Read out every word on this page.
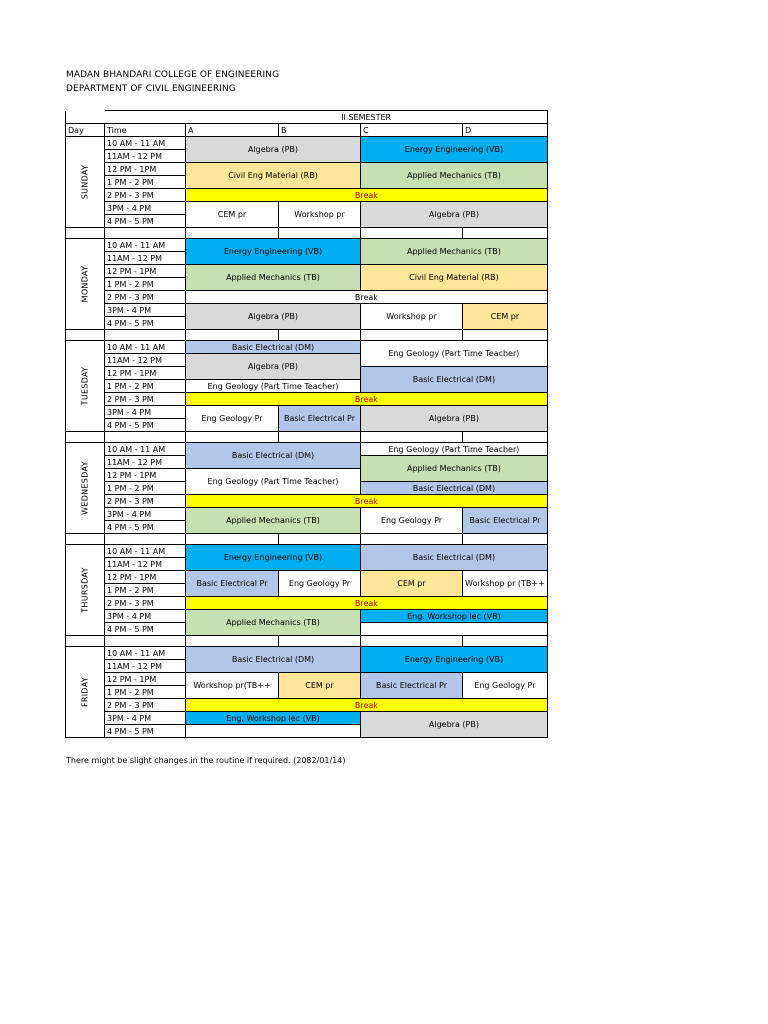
MADAN BHANDARI COLLEGE OF ENGINEERING
DEPARTMENT OF CIVIL ENGINEERING
		II SEMESTER			
Day	Time	A	B	C	D

SUNDAY	10 AM - 11 AM	Algebra (PB)		Energy Engineering (VB)	
	11AM - 12 PM				
	12 PM - 1PM	Civil Eng Material (RB)		Applied Mechanics (TB)	
	1 PM - 2 PM				
	2 PM - 3 PM	Break			
	3PM - 4 PM	CEM pr	Workshop pr	Algebra (PB)	
	4 PM - 5 PM				

MONDAY	10 AM - 11 AM	Energy Engineering (VB)		Applied Mechanics (TB)	
	11AM - 12 PM				
	12 PM - 1PM	Applied Mechanics (TB)		Civil Eng Material (RB)	
	1 PM - 2 PM				
	2 PM - 3 PM	Break			
	3PM - 4 PM	Algebra (PB)		Workshop pr	CEM pr
	4 PM - 5 PM				

TUESDAY	10 AM - 11 AM	Basic Electrical (DM)		Eng Geology (Part Time Teacher)	
	11AM - 12 PM	Algebra (PB)			
	12 PM - 1PM			Basic Electrical (DM)	
	1 PM - 2 PM	Eng Geology (Part Time Teacher)			
	2 PM - 3 PM	Break			
	3PM - 4 PM	Eng Geology Pr	Basic Electrical Pr	Algebra (PB)	
	4 PM - 5 PM				

WEDNESDAY	10 AM - 11 AM	Basic Electrical (DM)		Eng Geology (Part Time Teacher)	
	11AM - 12 PM			Applied Mechanics (TB)	
	12 PM - 1PM	Eng Geology (Part Time Teacher)			
	1 PM - 2 PM			Basic Electrical (DM)	
	2 PM - 3 PM	Break			
	3PM - 4 PM	Applied Mechanics (TB)		Eng Geology Pr	Basic Electrical Pr
	4 PM - 5 PM				

THURSDAY	10 AM - 11 AM	Energy Engineering (VB)		Basic Electrical (DM)	
	11AM - 12 PM				
	12 PM - 1PM	Basic Electrical Pr	Eng Geology Pr	CEM pr	Workshop pr (TB++
	1 PM - 2 PM				
	2 PM - 3 PM	Break			
	3PM - 4 PM	Applied Mechanics (TB)		Eng. Workshop lec (VB)	
	4 PM - 5 PM				

FRIDAY	10 AM - 11 AM	Basic Electrical (DM)		Energy Engineering (VB)	
	11AM - 12 PM				
	12 PM - 1PM	Workshop pr(TB++	CEM pr	Basic Electrical Pr	Eng Geology Pr
	1 PM - 2 PM				
	2 PM - 3 PM	Break			
	3PM - 4 PM	Eng. Workshop lec (VB)		Algebra (PB)	
	4 PM - 5 PM				
There might be slight changes in the routine if required. (2082/01/14)
